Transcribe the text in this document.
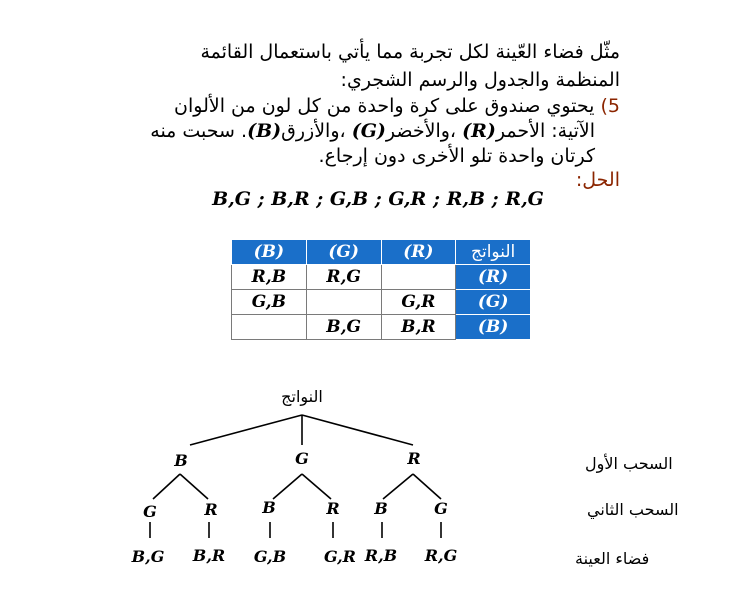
مثّل فضاء العّينة لكل تجربة مما يأتي باستعمال القائمة
المنظمة والجدول والرسم الشجري:
5) يحتوي صندوق على كرة واحدة من كل لون من الألوان
الآتية: الأحمر(R) ،والأخضر(G) ،والأزرق(B). سحبت منه
كرتان واحدة تلو الأخرى دون إرجاع.
الحل:
B,G ; B,R ; G,B ; G,R ; R,B ; R,G
(B)	(G)	(R)	النواتج
R,B	R,G		(R)
G,B		G,R	(G)
	B,G	B,R	(B)
النواتج
B	G	R
G	R	B	R B	G
B,G B,R G,B G,R R,B R,G
السحب الأول
السحب الثاني
فضاء العينة
